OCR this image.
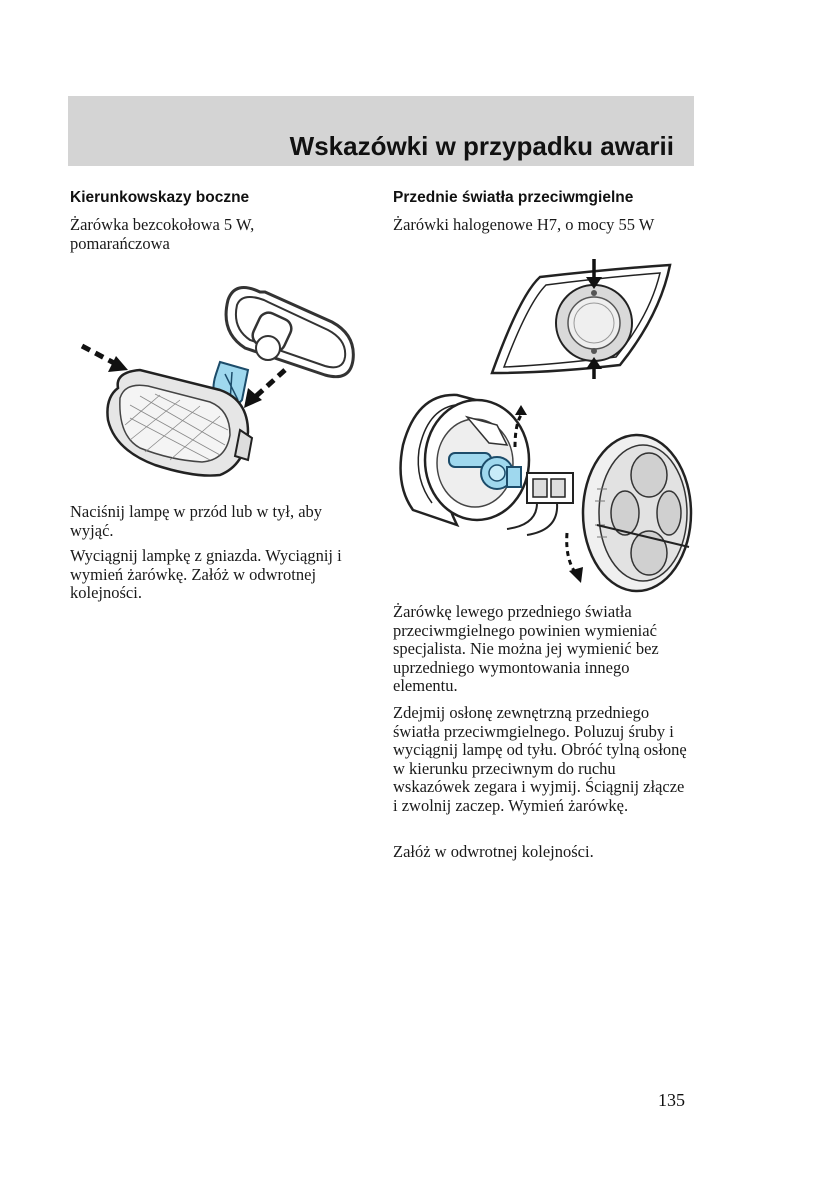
Wskazówki w przypadku awarii
Kierunkowskazy boczne

Żarówka bezcokołowa 5 W, pomarańczowa

Naciśnij lampę w przód lub w tył, aby wyjąć.

Wyciągnij lampkę z gniazda. Wyciągnij i wymień żarówkę. Załóż w odwrotnej kolejności.

Przednie światła przeciwmgielne

Żarówki halogenowe H7, o mocy 55 W

Żarówkę lewego przedniego światła przeciwmgielnego powinien wymieniać specjalista. Nie można jej wymienić bez uprzedniego wymontowania innego elementu.

Zdejmij osłonę zewnętrzną przedniego światła przeciwmgielnego. Poluzuj śruby i wyciągnij lampę od tyłu. Obróć tylną osłonę w kierunku przeciwnym do ruchu wskazówek zegara i wyjmij. Ściągnij złącze i zwolnij zaczep. Wymień żarówkę.

Załóż w odwrotnej kolejności.

135
